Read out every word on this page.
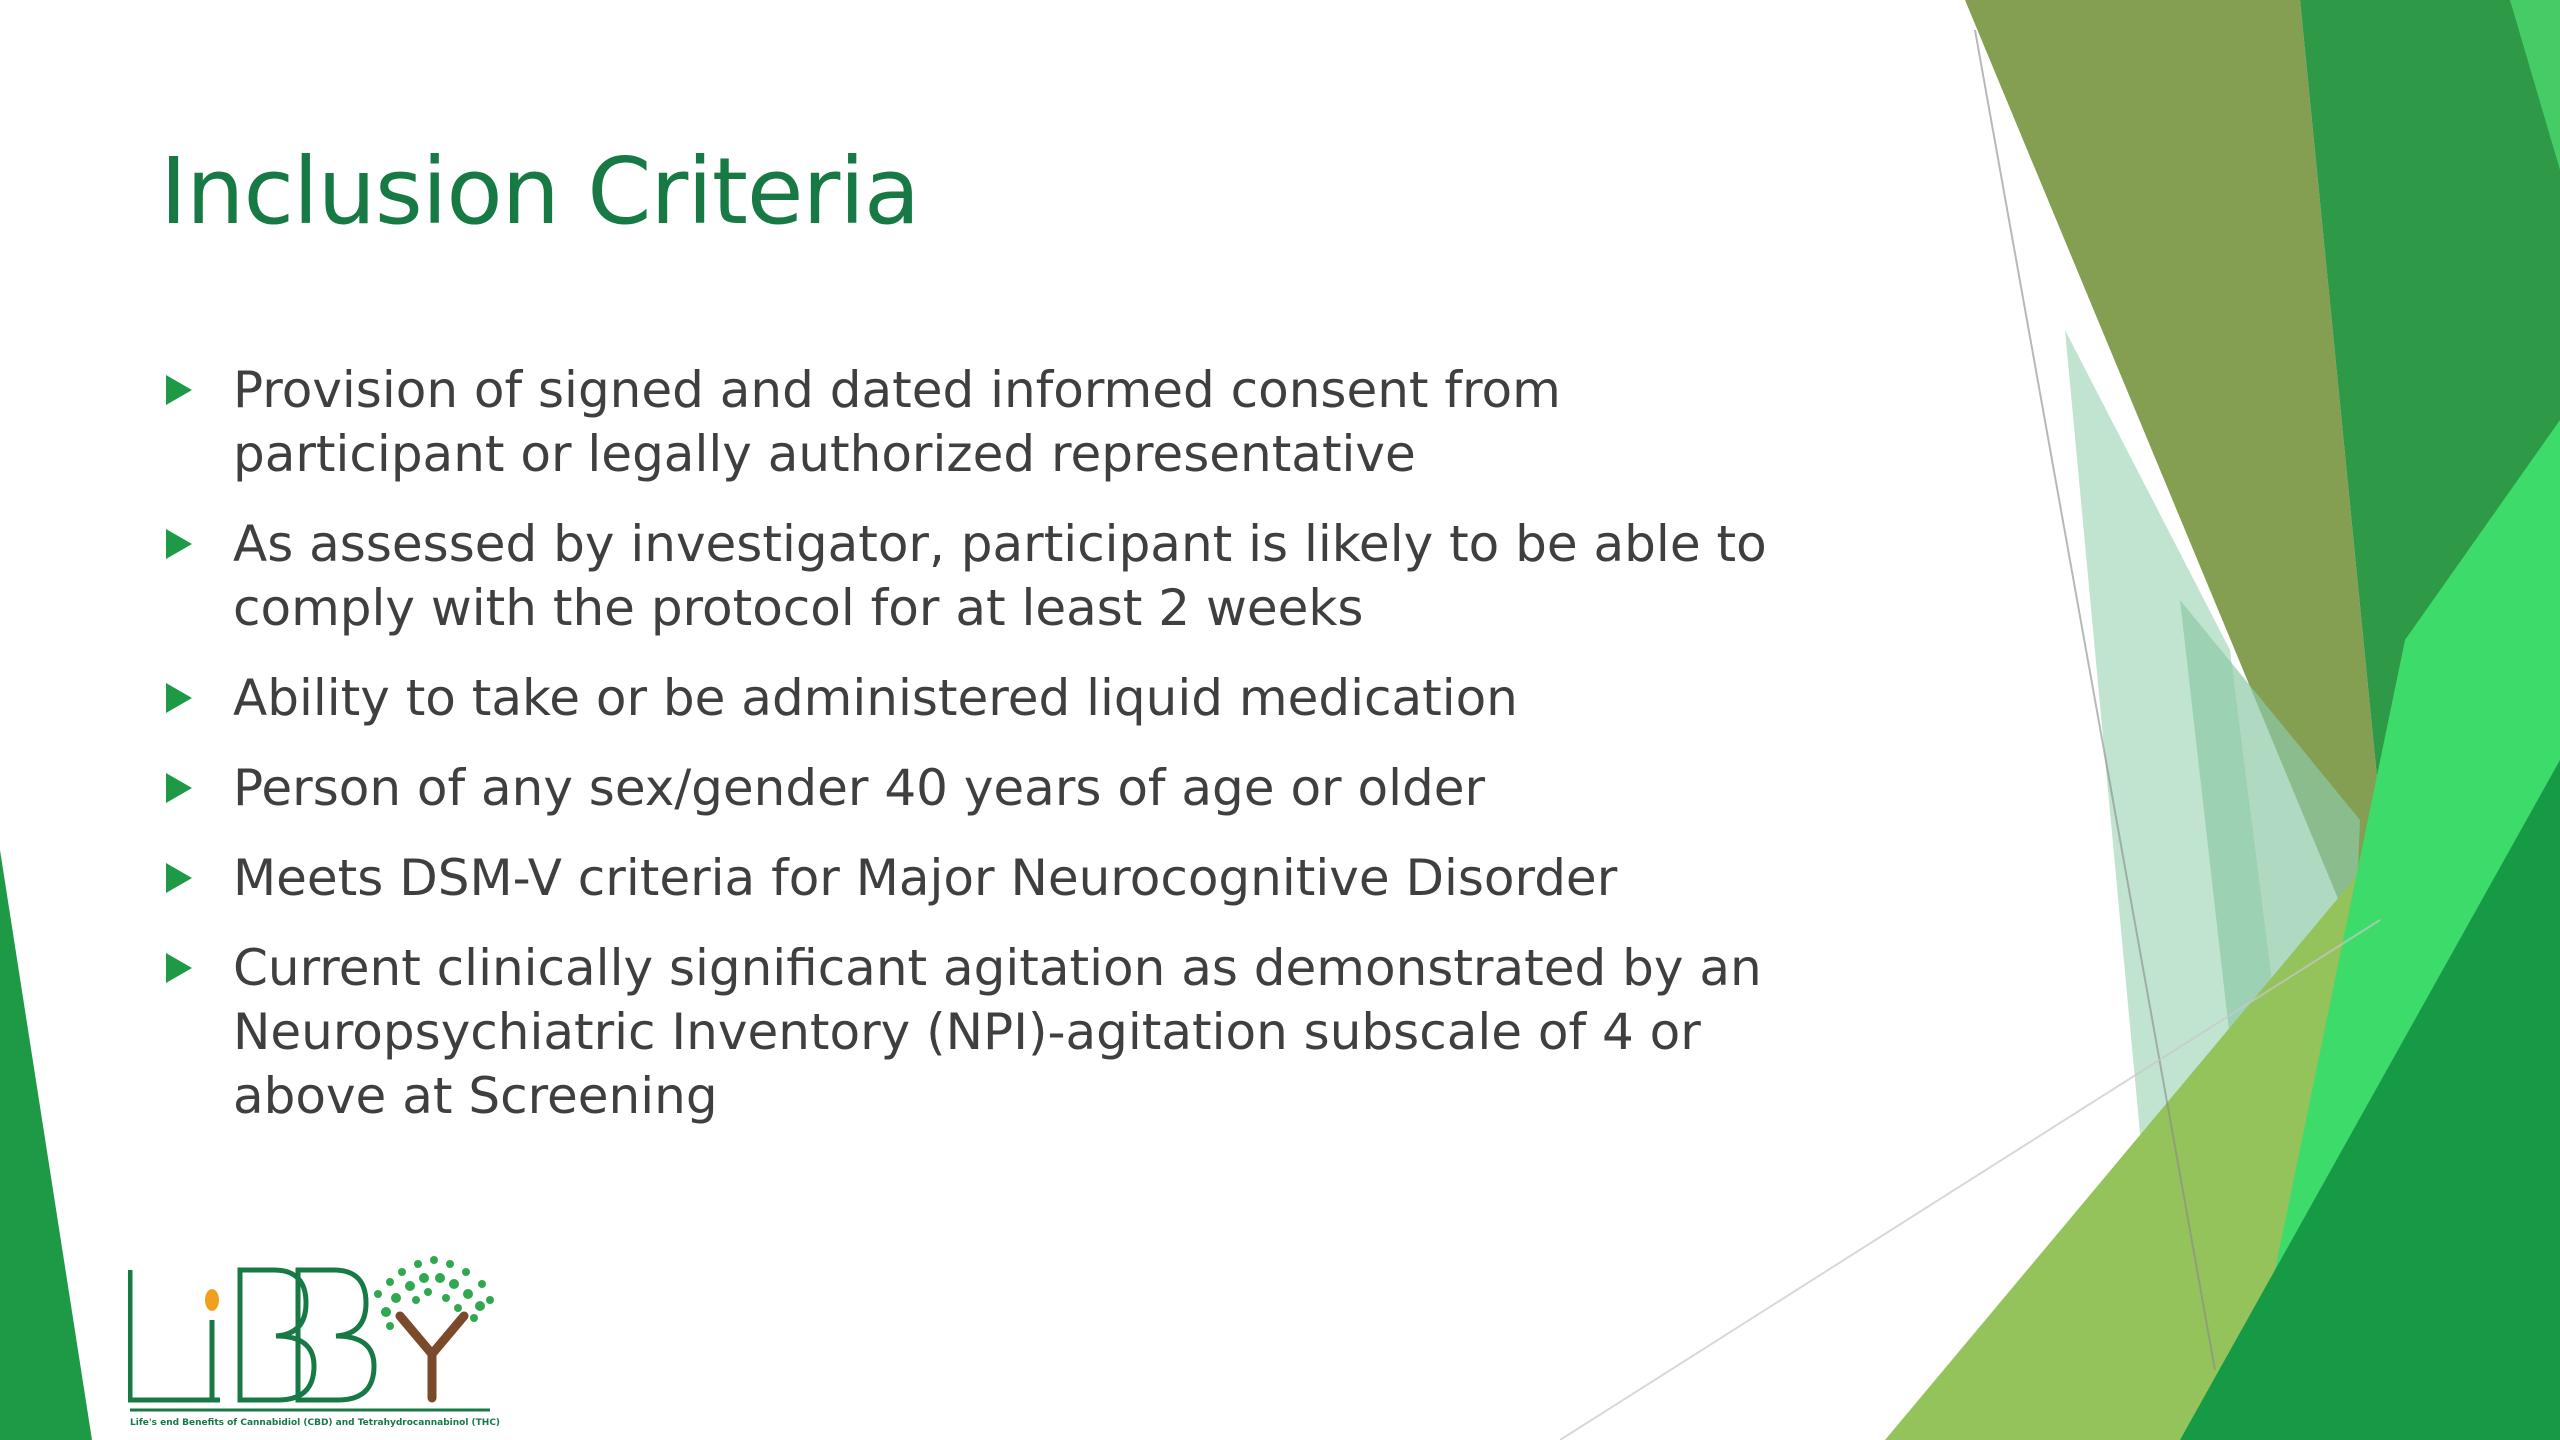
Inclusion Criteria
Provision of signed and dated informed consent from participant or legally authorized representative
As assessed by investigator, participant is likely to be able to comply with the protocol for at least 2 weeks
Ability to take or be administered liquid medication
Person of any sex/gender 40 years of age or older
Meets DSM-V criteria for Major Neurocognitive Disorder
Current clinically significant agitation as demonstrated by an Neuropsychiatric Inventory (NPI)-agitation subscale of 4 or above at Screening

Life's end Benefits of Cannabidiol (CBD) and Tetrahydrocannabinol (THC)
